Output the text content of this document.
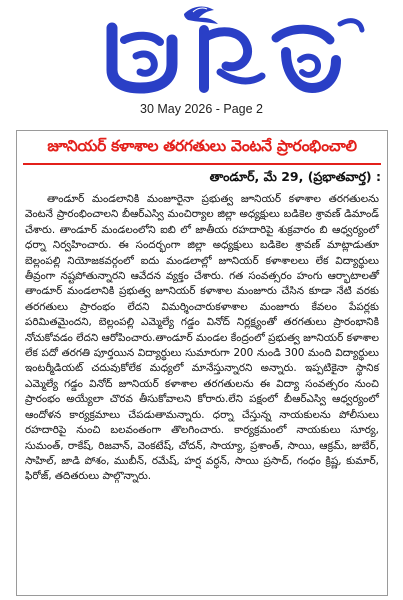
30 May 2026 - Page 2
జూనియర్ కళాశాల తరగతులు వెంటనే ప్రారంభించాలి
తాండూర్, మే 29, (ప్రభాతవార్త) :

తాండూర్ మండలానికి మంజూరైనా ప్రభుత్వ జూనియర్ కళాశాల తరగతులను వెంటనే ప్రారంభించాలని బీఆర్ఎస్వి మంచిర్యాల జిల్లా అధ్యక్షులు బడికెల శ్రావణ్ డిమాండ్ చేశారు. తాండూర్ మండలంలోని ఐబి లో జాతీయ రహదారిపై శుక్రవారం బి ఆధ్వర్యంలో ధర్నా నిర్వహించారు. ఈ సందర్భంగా జిల్లా అధ్యక్షులు బడికెల శ్రావణ్ మాట్లాడుతూ బెల్లంపల్లి నియోజకవర్గంలో ఐదు మండలాల్లో జూనియర్ కళాశాలలు లేక విద్యార్థులు తీవ్రంగా నష్టపోతున్నారని ఆవేదన వ్యక్తం చేశారు. గత సంవత్సరం హంగు ఆర్భాటాలతో తాండూర్ మండలానికి ప్రభుత్వ జూనియర్ కళాశాల మంజూరు చేసిన కూడా నేటి వరకు తరగతులు ప్రారంభం లేదని విమర్శించారుకళాశాల మంజూరు కేవలం పేపర్లకు పరిమితమైందని, బెల్లంపల్లి ఎమ్మెల్యే గడ్డం వినోద్ నిర్లక్ష్యంతో తరగతులు ప్రారంభానికి నోచుకోవడం లేదని ఆరోపించారు.తాండూర్ మండల కేంద్రంలో ప్రభుత్వ జూనియర్ కళాశాల లేక పదో తరగతి పూర్తయిన విద్యార్థులు సుమారుగా 200 నుండి 300 మంది విద్యార్థులు ఇంటర్మీడియట్ చదువుకోలేక మధ్యలో మానేస్తున్నారని అన్నారు. ఇప్పటికైనా స్థానిక ఎమ్మెల్యే గడ్డం వినోద్ జూనియర్ కళాశాల తరగతులను ఈ విద్యా సంవత్సరం నుంచి ప్రారంభం అయ్యేలా చొరవ తీసుకోవాలని కోరారు.లేని పక్షంలో బీఆర్ఎస్వి ఆధ్వర్యంలో ఆందోళన కార్యక్రమాలు చేపడుతామన్నారు. ధర్నా చేస్తున్న నాయకులను పోలీసులు రహదారిపై నుంచి బలవంతంగా తొలగించారు. కార్యక్రమంలో నాయకులు సూర్య, సుమంత్, రాకేష్, రిజవాన్, వెంకటేష్, చోదన్, సాయ్యా, ప్రశాంత్, సాయి, ఆక్రమ్, జుబేర్, సాహిల్, జాడి పోశం, ముబీన్, రమేష్, హర్ష వర్ధన్, సాయి ప్రసాద్, గంధం క్రిష్ణ, కుమార్, ఫిరోజ్, తదితరులు పాల్గొన్నారు.
